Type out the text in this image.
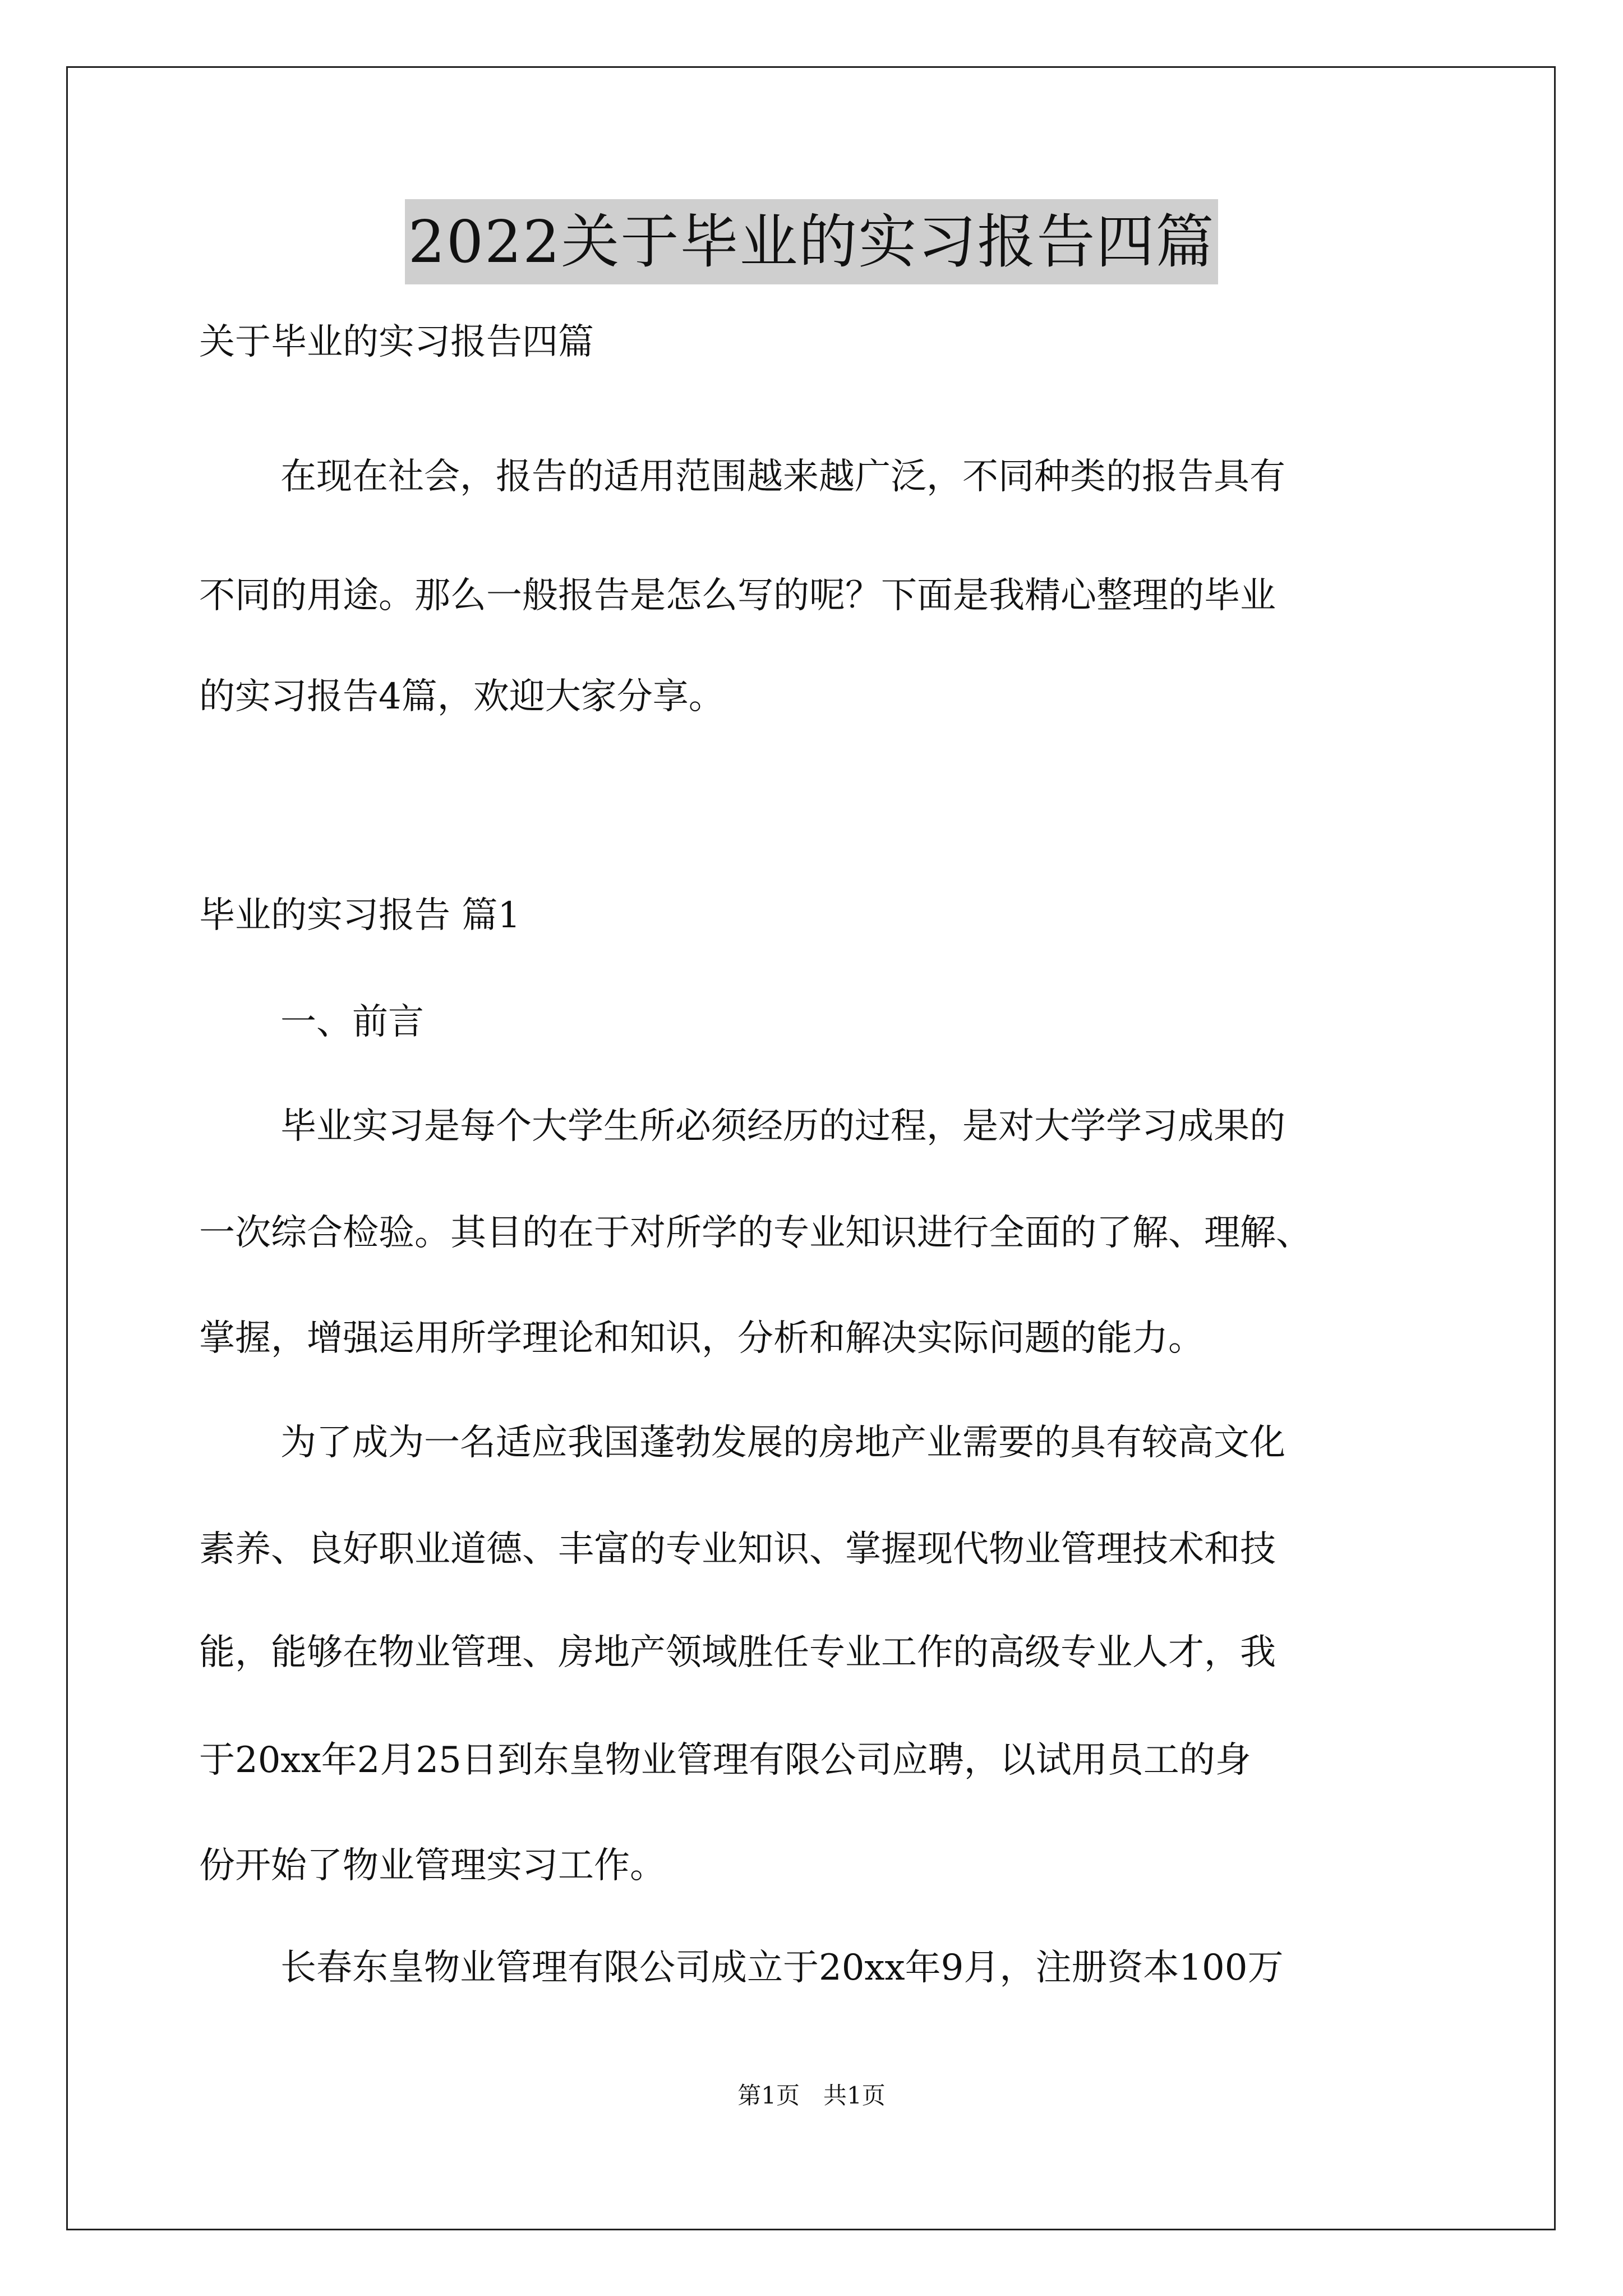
2022关于毕业的实习报告四篇
关于毕业的实习报告四篇
在现在社会，报告的适用范围越来越广泛，不同种类的报告具有
不同的用途。那么一般报告是怎么写的呢？下面是我精心整理的毕业
的实习报告4篇，欢迎大家分享。
毕业的实习报告 篇1
一、前言
毕业实习是每个大学生所必须经历的过程，是对大学学习成果的
一次综合检验。其目的在于对所学的专业知识进行全面的了解、理解、
掌握，增强运用所学理论和知识，分析和解决实际问题的能力。
为了成为一名适应我国蓬勃发展的房地产业需要的具有较高文化
素养、良好职业道德、丰富的专业知识、掌握现代物业管理技术和技
能，能够在物业管理、房地产领域胜任专业工作的高级专业人才，我
于20xx年2月25日到东皇物业管理有限公司应聘，以试用员工的身
份开始了物业管理实习工作。
长春东皇物业管理有限公司成立于20xx年9月，注册资本100万
第1页　共1页
